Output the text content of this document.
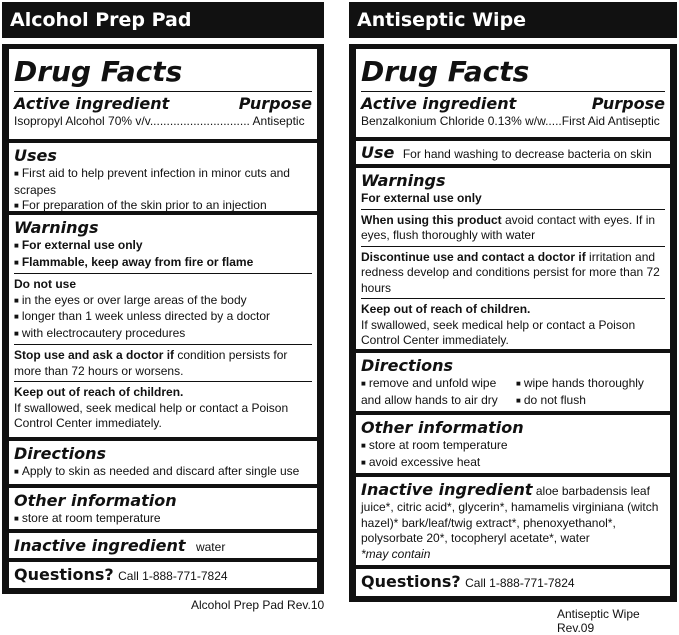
Alcohol Prep Pad
Drug Facts
Active ingredient	Purpose
Isopropyl Alcohol 70% v/v.............................. Antiseptic
Uses
■ First aid to help prevent infection in minor cuts and scrapes
■ For preparation of the skin prior to an injection
Warnings
■ For external use only
■ Flammable, keep away from fire or flame
Do not use
■ in the eyes or over large areas of the body
■ longer than 1 week unless directed by a doctor
■ with electrocautery procedures
Stop use and ask a doctor if condition persists for more than 72 hours or worsens.
Keep out of reach of children.
If swallowed, seek medical help or contact a Poison Control Center immediately.
Directions
■ Apply to skin as needed and discard after single use
Other information
■ store at room temperature
Inactive ingredient water
Questions? Call 1-888-771-7824
Alcohol Prep Pad Rev.10
Antiseptic Wipe
Drug Facts
Active ingredient	Purpose
Benzalkonium Chloride 0.13% w/w.....First Aid Antiseptic
Use For hand washing to decrease bacteria on skin
Warnings
For external use only
When using this product avoid contact with eyes. If in eyes, flush thoroughly with water
Discontinue use and contact a doctor if irritation and redness develop and conditions persist for more than 72 hours
Keep out of reach of children.
If swallowed, seek medical help or contact a Poison Control Center immediately.
Directions
■ remove and unfold wipe	■ wipe hands thoroughly
and allow hands to air dry	■ do not flush
Other information
■ store at room temperature
■ avoid excessive heat
Inactive ingredient aloe barbadensis leaf juice*, citric acid*, glycerin*, hamamelis virginiana (witch hazel)* bark/leaf/twig extract*, phenoxyethanol*, polysorbate 20*, tocopheryl acetate*, water
*may contain
Questions? Call 1-888-771-7824
Antiseptic Wipe Rev.09
